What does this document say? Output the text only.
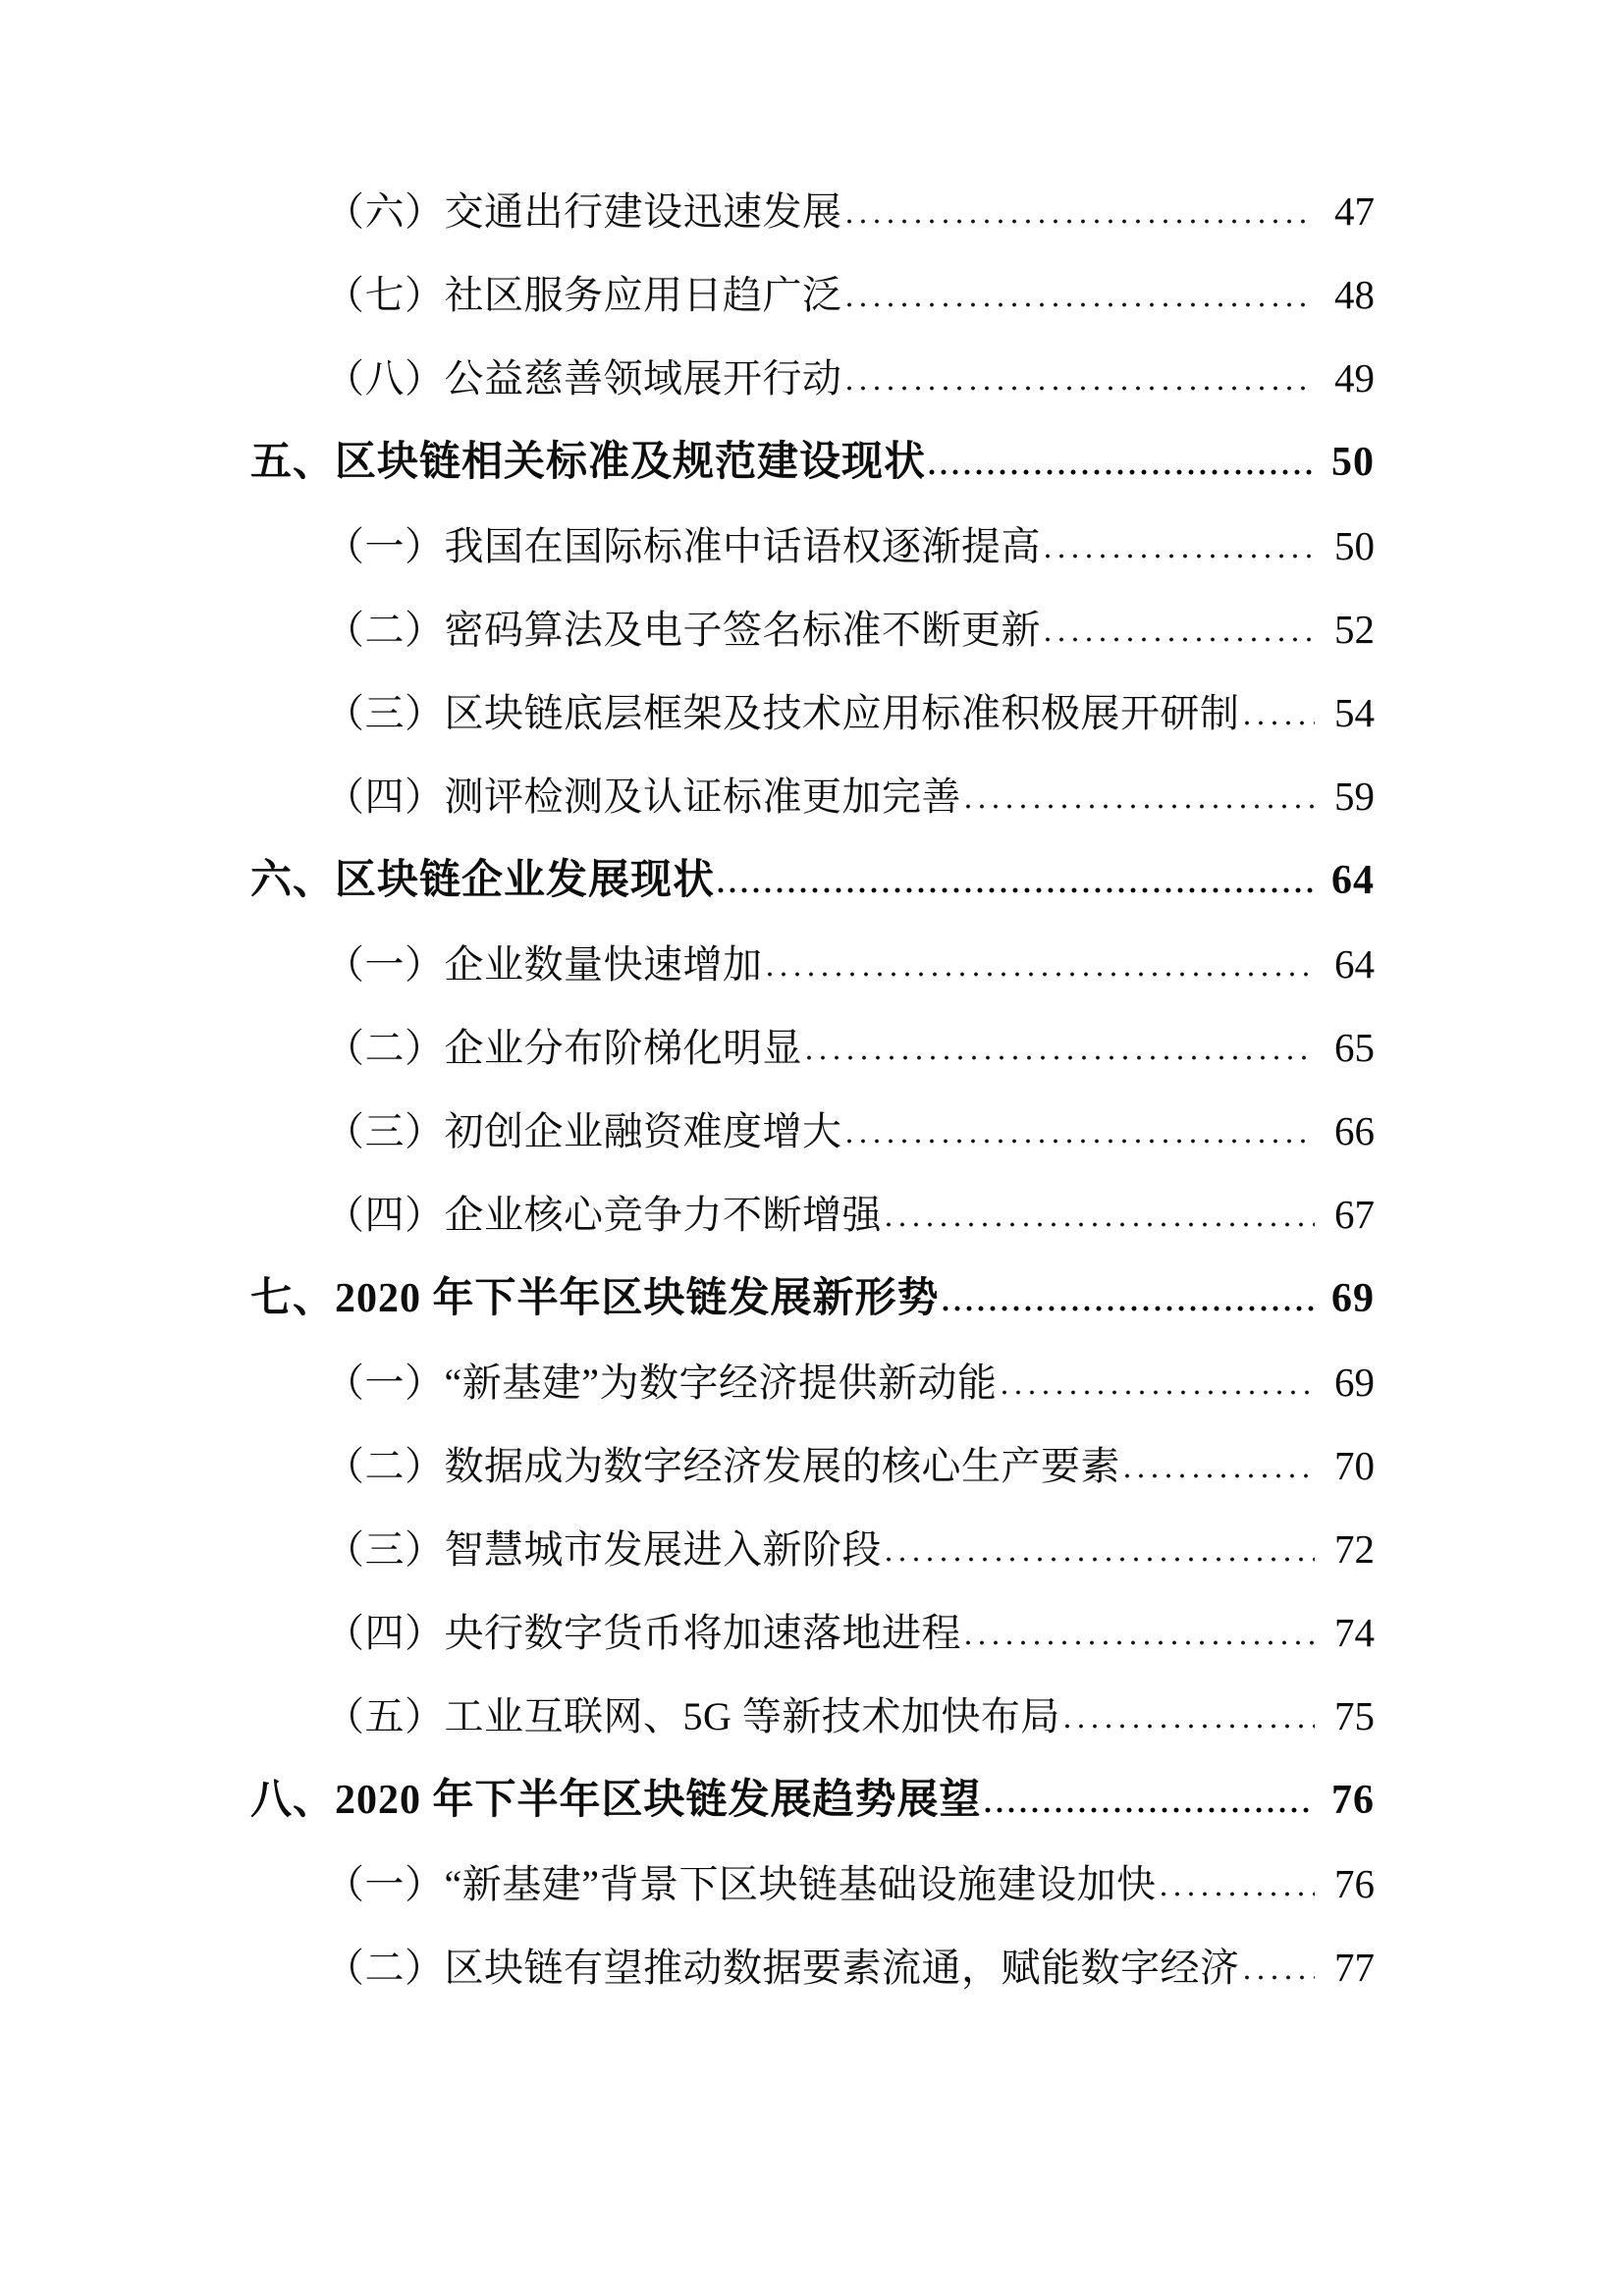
（六）交通出行建设迅速发展	47
（七）社区服务应用日趋广泛	48
（八）公益慈善领域展开行动	49
五、区块链相关标准及规范建设现状	50
（一）我国在国际标准中话语权逐渐提高	50
（二）密码算法及电子签名标准不断更新	52
（三）区块链底层框架及技术应用标准积极展开研制	54
（四）测评检测及认证标准更加完善	59
六、区块链企业发展现状	64
（一）企业数量快速增加	64
（二）企业分布阶梯化明显	65
（三）初创企业融资难度增大	66
（四）企业核心竞争力不断增强	67
七、2020 年下半年区块链发展新形势	69
（一）“新基建”为数字经济提供新动能	69
（二）数据成为数字经济发展的核心生产要素	70
（三）智慧城市发展进入新阶段	72
（四）央行数字货币将加速落地进程	74
（五）工业互联网、5G 等新技术加快布局	75
八、2020 年下半年区块链发展趋势展望	76
（一）“新基建”背景下区块链基础设施建设加快	76
（二）区块链有望推动数据要素流通，赋能数字经济	77
